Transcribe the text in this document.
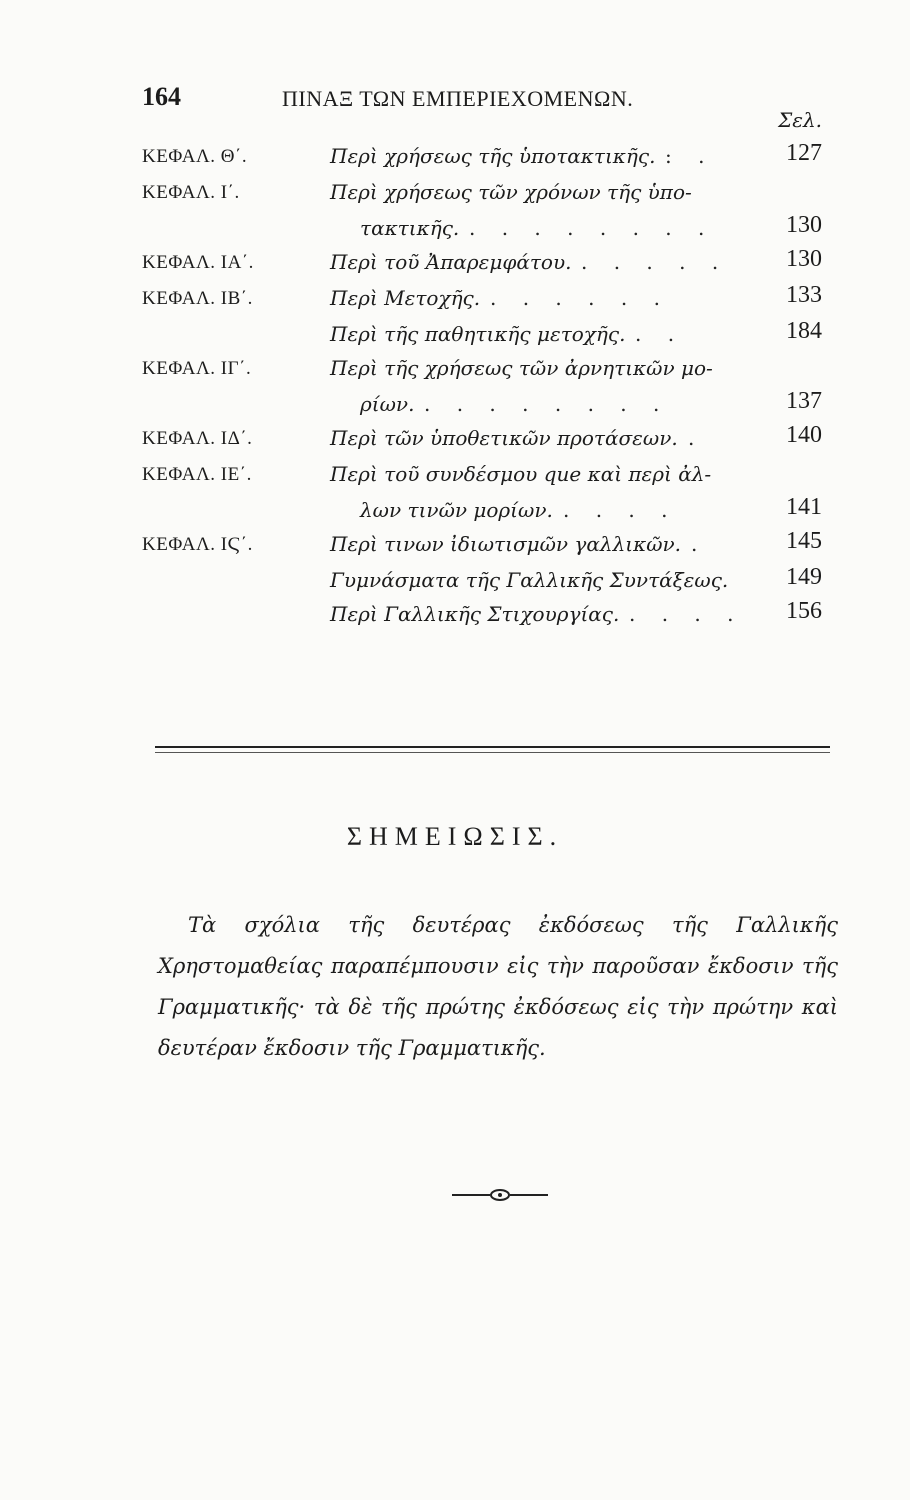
164	ΠΙΝΑΞ ΤΩΝ ΕΜΠΕΡΙΕΧΟΜΕΝΩΝ.
Σελ.
ΚΕΦΑΛ. Θ΄.	Περὶ χρήσεως τῆς ὑποτακτικῆς. : .	127
ΚΕΦΑΛ. Ι΄.	Περὶ χρήσεως τῶν χρόνων τῆς ὑπο-
τακτικῆς. . . . . . . . .	130
ΚΕΦΑΛ. ΙΑ΄.	Περὶ τοῦ Ἀπαρεμφάτου. . . . . . 130
ΚΕΦΑΛ. ΙΒ΄.	Περὶ Μετοχῆς. . . . . . .	133
Περὶ τῆς παθητικῆς μετοχῆς. . .	184
ΚΕΦΑΛ. ΙΓ΄.	Περὶ τῆς χρήσεως τῶν ἀρνητικῶν μο-
ρίων. . . . . . . . .	137
ΚΕΦΑΛ. ΙΔ΄.	Περὶ τῶν ὑποθετικῶν προτάσεων. .	140
ΚΕΦΑΛ. ΙΕ΄.	Περὶ τοῦ συνδέσμου que καὶ περὶ ἀλ-
λων τινῶν μορίων. . . . .	141
ΚΕΦΑΛ. ΙϚ΄.	Περὶ τινων ἰδιωτισμῶν γαλλικῶν. .	145
Γυμνάσματα τῆς Γαλλικῆς Συντάξεως. 149
Περὶ Γαλλικῆς Στιχουργίας. . . . . 156
ΣΗΜΕΙΩΣΙΣ.
Τὰ σχόλια τῆς δευτέρας ἐκδόσεως τῆς Γαλλικῆς Χρηστομαθείας παραπέμπουσιν εἰς τὴν παροῦσαν ἔκδοσιν τῆς Γραμματικῆς· τὰ δὲ τῆς πρώτης ἐκδόσεως εἰς τὴν πρώτην καὶ δευτέραν ἔκδοσιν τῆς Γραμματικῆς.
